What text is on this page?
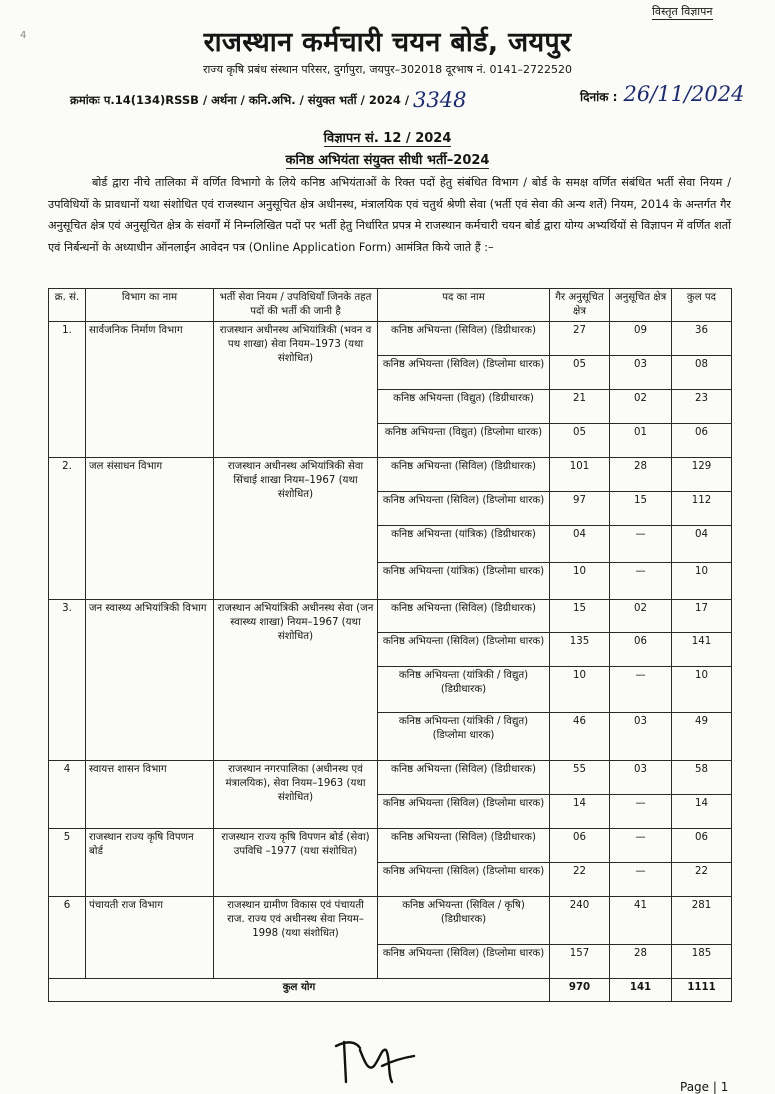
विस्तृत विज्ञापन
4	राजस्थान कर्मचारी चयन बोर्ड, जयपुर
राज्य कृषि प्रबंध संस्थान परिसर, दुर्गापुरा, जयपुर–302018 दूरभाष नं. 0141–2722520
क्रमांकः प.14(134)RSSB / अर्थना / कनि.अभि. / संयुक्त भर्ती / 2024 / 3348	दिनांक : 26/11/2024
विज्ञापन सं. 12 / 2024
कनिष्ठ अभियंता संयुक्त सीधी भर्ती–2024
बोर्ड द्वारा नीचे तालिका में वर्णित विभागो के लिये कनिष्ठ अभियंताओं के रिक्त पदों हेतु संबंधित विभाग / बोर्ड के समक्ष वर्णित संबंधित भर्ती सेवा नियम / उपविधियों के प्रावधानों यथा संशोधित एवं राजस्थान अनुसूचित क्षेत्र अधीनस्थ, मंत्रालयिक एवं चतुर्थ श्रेणी सेवा (भर्ती एवं सेवा की अन्य शर्ते) नियम, 2014 के अन्तर्गत गैर अनुसूचित क्षेत्र एवं अनुसूचित क्षेत्र के संवर्गों में निम्नलिखित पदों पर भर्ती हेतु निर्धारित प्रपत्र मे राजस्थान कर्मचारी चयन बोर्ड द्वारा योग्य अभ्यर्थियों से विज्ञापन में वर्णित शर्तो एवं निर्बन्धनों के अध्याधीन ऑनलाईन आवेदन पत्र (Online Application Form) आमंत्रित किये जाते हैं :–
क्र. सं.	विभाग का नाम	भर्ती सेवा नियम / उपविधियाँ जिनके तहत पदों की भर्ती की जानी है	पद का नाम	गैर अनुसूचित क्षेत्र	अनुसूचित क्षेत्र	कुल पद
1.	सार्वजनिक निर्माण विभाग	राजस्थान अधीनस्थ अभियांत्रिकी (भवन व पथ शाखा) सेवा नियम–1973 (यथा संशोधित)	कनिष्ठ अभियन्ता (सिविल) (डिग्रीधारक)	27	09	36
			कनिष्ठ अभियन्ता (सिविल) (डिप्लोमा धारक)	05	03	08
			कनिष्ठ अभियन्ता (विद्युत) (डिग्रीधारक)	21	02	23
			कनिष्ठ अभियन्ता (विद्युत) (डिप्लोमा धारक)	05	01	06
2.	जल संसाधन विभाग	राजस्थान अधीनस्थ अभियांत्रिकी सेवा सिंचाई शाखा नियम–1967 (यथा संशोधित)	कनिष्ठ अभियन्ता (सिविल) (डिग्रीधारक)	101	28	129
			कनिष्ठ अभियन्ता (सिविल) (डिप्लोमा धारक)	97	15	112
			कनिष्ठ अभियन्ता (यांत्रिक) (डिग्रीधारक)	04	—	04
			कनिष्ठ अभियन्ता (यांत्रिक) (डिप्लोमा धारक)	10	—	10
3.	जन स्वास्थ्य अभियांत्रिकी विभाग	राजस्थान अभियांत्रिकी अधीनस्थ सेवा (जन स्वास्थ्य शाखा) नियम–1967 (यथा संशोधित)	कनिष्ठ अभियन्ता (सिविल) (डिग्रीधारक)	15	02	17
			कनिष्ठ अभियन्ता (सिविल) (डिप्लोमा धारक)	135	06	141
			कनिष्ठ अभियन्ता (यांत्रिकी / विद्युत) (डिग्रीधारक)	10	—	10
			कनिष्ठ अभियन्ता (यांत्रिकी / विद्युत) (डिप्लोमा धारक)	46	03	49
4	स्वायत्त शासन विभाग	राजस्थान नगरपालिका (अधीनस्थ एवं मंत्रालयिक), सेवा नियम–1963 (यथा संशोधित)	कनिष्ठ अभियन्ता (सिविल) (डिग्रीधारक)	55	03	58
			कनिष्ठ अभियन्ता (सिविल) (डिप्लोमा धारक)	14	—	14
5	राजस्थान राज्य कृषि विपणन बोर्ड	राजस्थान राज्य कृषि विपणन बोर्ड (सेवा) उपविधि –1977 (यथा संशोधित)	कनिष्ठ अभियन्ता (सिविल) (डिग्रीधारक)	06	—	06
			कनिष्ठ अभियन्ता (सिविल) (डिप्लोमा धारक)	22	—	22
6	पंचायती राज विभाग	राजस्थान ग्रामीण विकास एवं पंचायती राज. राज्य एवं अधीनस्थ सेवा नियम–1998 (यथा संशोधित)	कनिष्ठ अभियन्ता (सिविल / कृषि) (डिग्रीधारक)	240	41	281
			कनिष्ठ अभियन्ता (सिविल) (डिप्लोमा धारक)	157	28	185
कुल योग				970	141	1111
Page | 1
